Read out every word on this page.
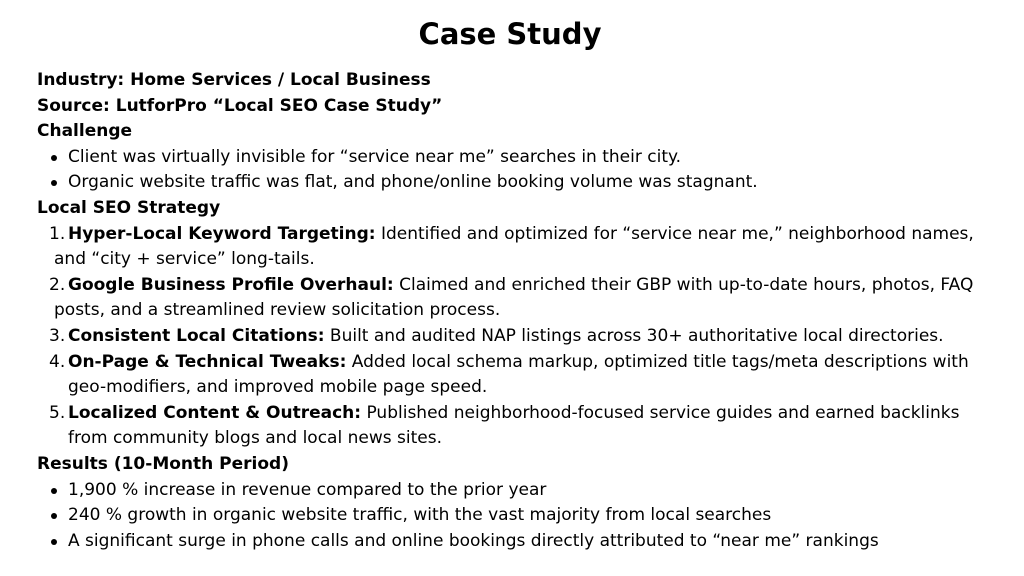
Case Study

Industry: Home Services / Local Business

Source: LutforPro “Local SEO Case Study”

Challenge

Client was virtually invisible for “service near me” searches in their city.
Organic website traffic was flat, and phone/online booking volume was stagnant.

Local SEO Strategy

1. Hyper-Local Keyword Targeting: Identified and optimized for “service near me,” neighborhood names,
and “city + service” long-tails.
2. Google Business Profile Overhaul: Claimed and enriched their GBP with up-to-date hours, photos, FAQ
posts, and a streamlined review solicitation process.
3. Consistent Local Citations: Built and audited NAP listings across 30+ authoritative local directories.
4. On-Page & Technical Tweaks: Added local schema markup, optimized title tags/meta descriptions with
geo-modifiers, and improved mobile page speed.
5. Localized Content & Outreach: Published neighborhood-focused service guides and earned backlinks
from community blogs and local news sites.

Results (10-Month Period)

1,900 % increase in revenue compared to the prior year
240 % growth in organic website traffic, with the vast majority from local searches
A significant surge in phone calls and online bookings directly attributed to “near me” rankings
